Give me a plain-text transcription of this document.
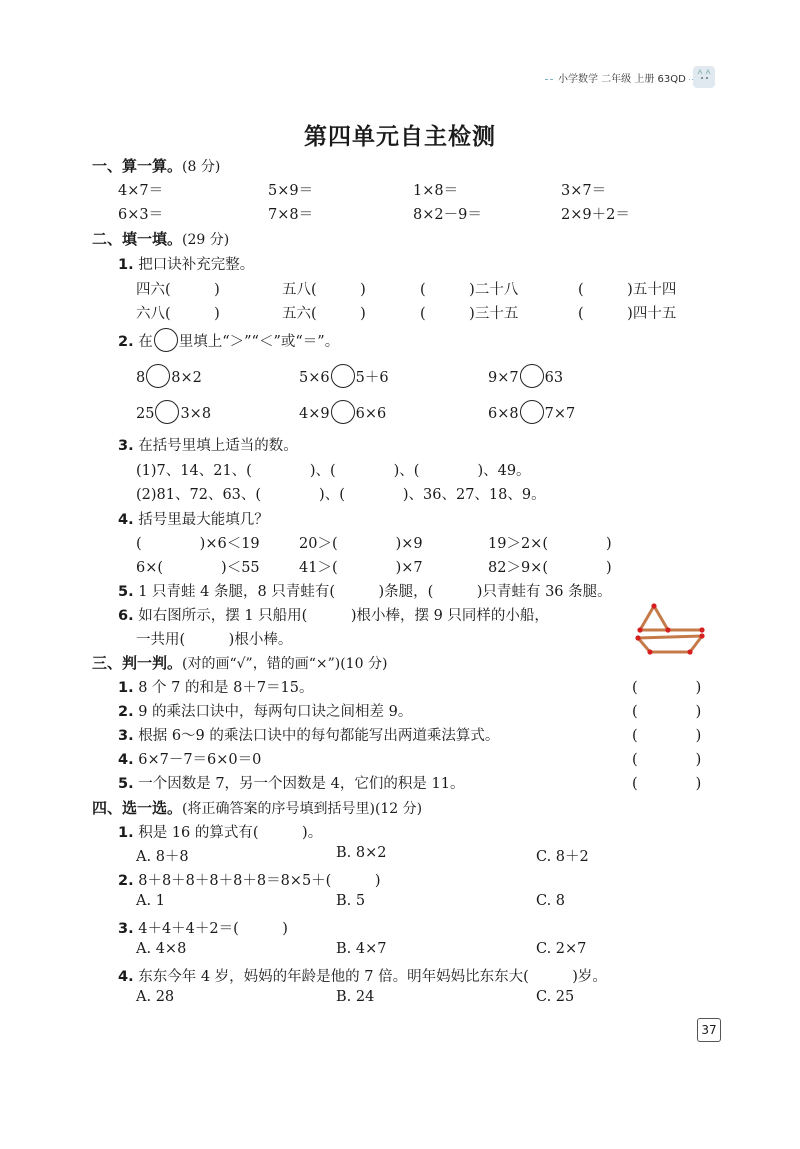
小学数学 二年级 上册 63QD
第四单元自主检测
一、算一算。(8 分)
4×7＝	5×9＝	1×8＝	3×7＝
6×3＝	7×8＝	8×2－9＝	2×9＋2＝
二、填一填。(29 分)
1. 把口诀补充完整。
四六(　　　)	五八(　　　)	(　　　)二十八	(　　　)五十四
六八(　　　)	五六(　　　)	(　　　)三十五	(　　　)四十五
2. 在 里填上“＞”“＜”或“＝”。
8 8×2	5×6 5＋6	9×7 63
25 3×8	4×9 6×6	6×8 7×7
3. 在括号里填上适当的数。
(1)7、14、21、(　　　　)、(　　　　)、(　　　　)、49。
(2)81、72、63、(　　　　)、(　　　　)、36、27、18、9。
4. 括号里最大能填几？
(　　　　)×6＜19	20＞(　　　　)×9	19＞2×(　　　　)
6×(　　　　)＜55	41＞(　　　　)×7	82＞9×(　　　　)
5. 1 只青蛙 4 条腿，8 只青蛙有(　　　)条腿，(　　　)只青蛙有 36 条腿。
6. 如右图所示，摆 1 只船用(　　　)根小棒，摆 9 只同样的小船，
一共用(　　　)根小棒。
三、判一判。(对的画“√”，错的画“×”)(10 分)
1. 8 个 7 的和是 8＋7＝15。	(　　　　)
2. 9 的乘法口诀中，每两句口诀之间相差 9。	(　　　　)
3. 根据 6～9 的乘法口诀中的每句都能写出两道乘法算式。	(　　　　)
4. 6×7－7＝6×0＝0	(　　　　)
5. 一个因数是 7，另一个因数是 4，它们的积是 11。	(　　　　)
四、选一选。(将正确答案的序号填到括号里)(12 分)
1. 积是 16 的算式有(　　　)。
A. 8＋8	B. 8×2	C. 8＋2
2. 8＋8＋8＋8＋8＋8＝8×5＋(　　　)
A. 1	B. 5	C. 8
3. 4＋4＋4＋2＝(　　　)
A. 4×8	B. 4×7	C. 2×7
4. 东东今年 4 岁，妈妈的年龄是他的 7 倍。明年妈妈比东东大(　　　)岁。
A. 28	B. 24	C. 25
37
